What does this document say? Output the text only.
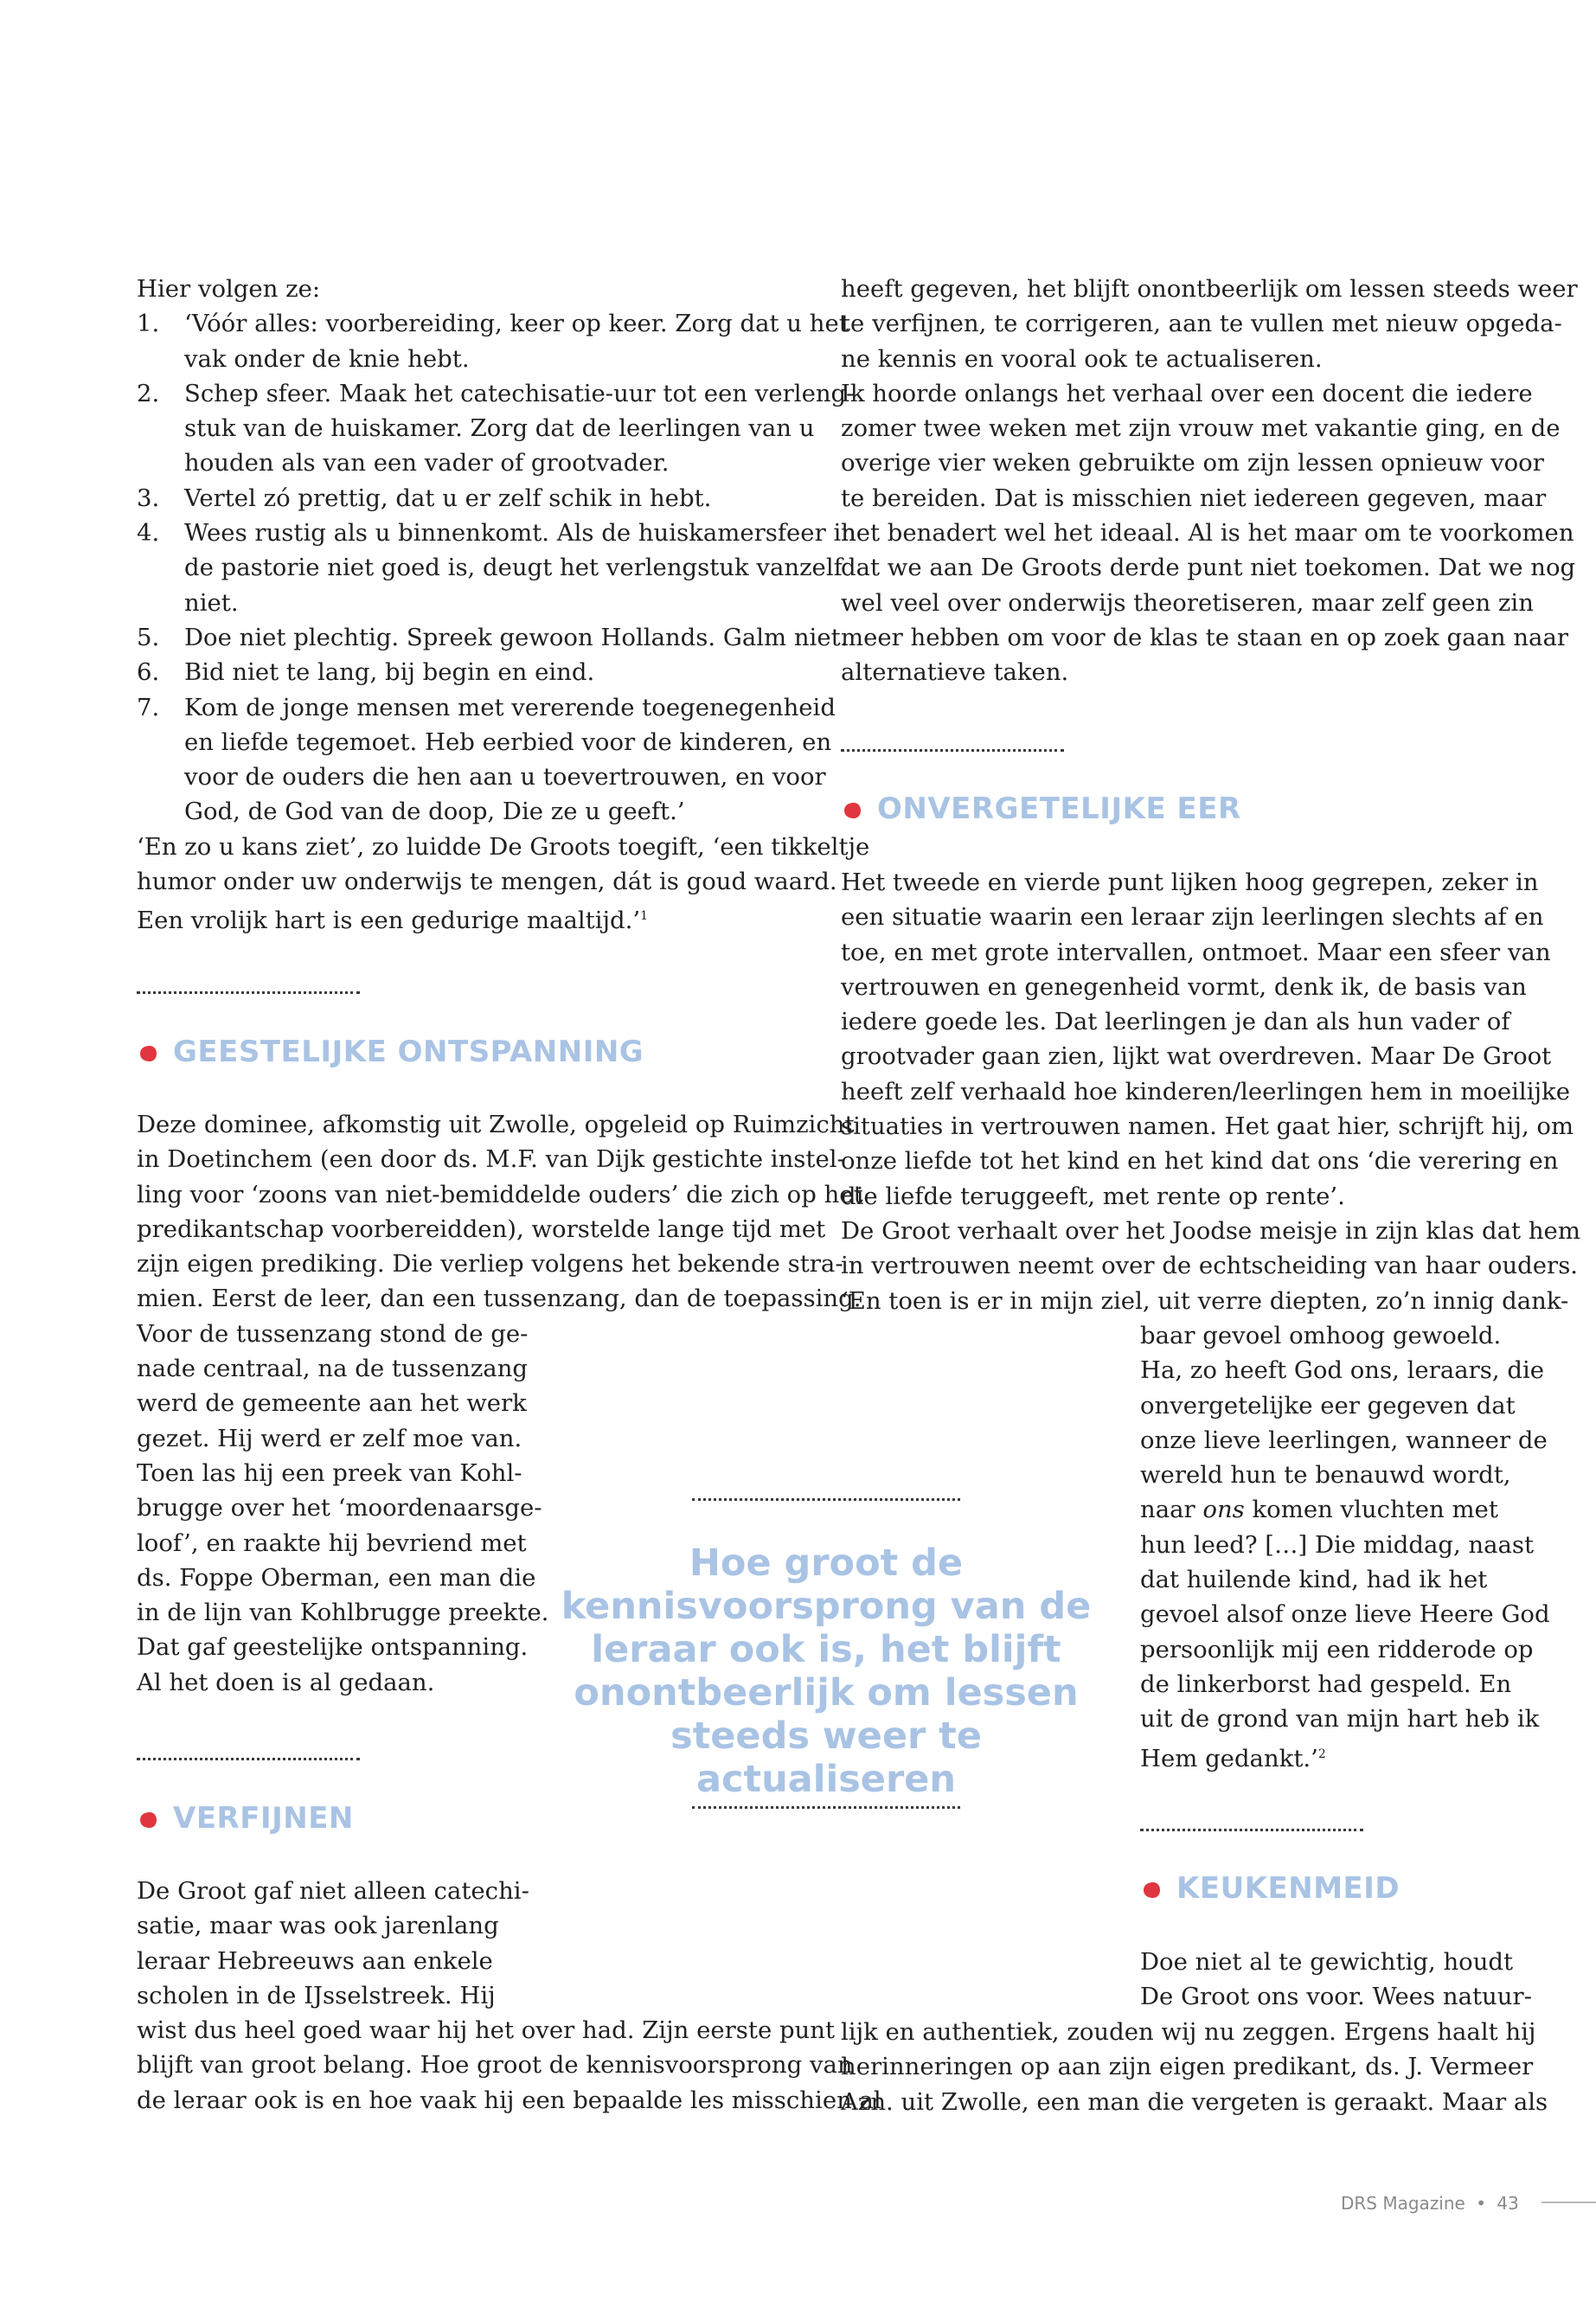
Hier volgen ze:

1. ‘Vóór alles: voorbereiding, keer op keer. Zorg dat u het
vak onder de knie hebt.
2. Schep sfeer. Maak het catechisatie-uur tot een verleng-
stuk van de huiskamer. Zorg dat de leerlingen van u
houden als van een vader of grootvader.
3. Vertel zó prettig, dat u er zelf schik in hebt.
4. Wees rustig als u binnenkomt. Als de huiskamersfeer in
de pastorie niet goed is, deugt het verlengstuk vanzelf
niet.
5. Doe niet plechtig. Spreek gewoon Hollands. Galm niet.
6. Bid niet te lang, bij begin en eind.
7. Kom de jonge mensen met vererende toegenegenheid
en liefde tegemoet. Heb eerbied voor de kinderen, en
voor de ouders die hen aan u toevertrouwen, en voor
God, de God van de doop, Die ze u geeft.’
‘En zo u kans ziet’, zo luidde De Groots toegift, ‘een tikkeltje
humor onder uw onderwijs te mengen, dát is goud waard.
Een vrolijk hart is een gedurige maaltijd.’$^1$
GEESTELIJKE ONTSPANNING
Deze dominee, afkomstig uit Zwolle, opgeleid op Ruimzicht
in Doetinchem (een door ds. M.F. van Dijk gestichte instel-
ling voor ‘zoons van niet-bemiddelde ouders’ die zich op het
predikantschap voorbereidden), worstelde lange tijd met
zijn eigen prediking. Die verliep volgens het bekende stra-
mien. Eerst de leer, dan een tussenzang, dan de toepassing.
Voor de tussenzang stond de ge-
nade centraal, na de tussenzang
werd de gemeente aan het werk
gezet. Hij werd er zelf moe van.
Toen las hij een preek van Kohl-
brugge over het ‘moordenaarsge-
loof’, en raakte hij bevriend met
ds. Foppe Oberman, een man die
in de lijn van Kohlbrugge preekte.
Dat gaf geestelijke ontspanning.
Al het doen is al gedaan.
VERFIJNEN
De Groot gaf niet alleen catechi-
satie, maar was ook jarenlang
leraar Hebreeuws aan enkele
scholen in de IJsselstreek. Hij
wist dus heel goed waar hij het over had. Zijn eerste punt
blijft van groot belang. Hoe groot de kennisvoorsprong van
de leraar ook is en hoe vaak hij een bepaalde les misschien al
heeft gegeven, het blijft onontbeerlijk om lessen steeds weer
te verfijnen, te corrigeren, aan te vullen met nieuw opgeda-
ne kennis en vooral ook te actualiseren.
Ik hoorde onlangs het verhaal over een docent die iedere
zomer twee weken met zijn vrouw met vakantie ging, en de
overige vier weken gebruikte om zijn lessen opnieuw voor
te bereiden. Dat is misschien niet iedereen gegeven, maar
het benadert wel het ideaal. Al is het maar om te voorkomen
dat we aan De Groots derde punt niet toekomen. Dat we nog
wel veel over onderwijs theoretiseren, maar zelf geen zin
meer hebben om voor de klas te staan en op zoek gaan naar
alternatieve taken.
ONVERGETELIJKE EER
Het tweede en vierde punt lijken hoog gegrepen, zeker in
een situatie waarin een leraar zijn leerlingen slechts af en
toe, en met grote intervallen, ontmoet. Maar een sfeer van
vertrouwen en genegenheid vormt, denk ik, de basis van
iedere goede les. Dat leerlingen je dan als hun vader of
grootvader gaan zien, lijkt wat overdreven. Maar De Groot
heeft zelf verhaald hoe kinderen/leerlingen hem in moeilijke
situaties in vertrouwen namen. Het gaat hier, schrijft hij, om
onze liefde tot het kind en het kind dat ons ‘die verering en
die liefde teruggeeft, met rente op rente’.
De Groot verhaalt over het Joodse meisje in zijn klas dat hem
in vertrouwen neemt over de echtscheiding van haar ouders.
‘En toen is er in mijn ziel, uit verre diepten, zo’n innig dank-
baar gevoel omhoog gewoeld.
Ha, zo heeft God ons, leraars, die
onvergetelijke eer gegeven dat
onze lieve leerlingen, wanneer de
wereld hun te benauwd wordt,
naar ons komen vluchten met
hun leed? […] Die middag, naast
dat huilende kind, had ik het
gevoel alsof onze lieve Heere God
persoonlijk mij een ridderode op
de linkerborst had gespeld. En
uit de grond van mijn hart heb ik
Hem gedankt.’$^2$
KEUKENMEID
Doe niet al te gewichtig, houdt
De Groot ons voor. Wees natuur-
lijk en authentiek, zouden wij nu zeggen. Ergens haalt hij
herinneringen op aan zijn eigen predikant, ds. J. Vermeer
Azn. uit Zwolle, een man die vergeten is geraakt. Maar als
Hoe groot de kennisvoorsprong van de leraar ook is, het blijft onontbeerlijk om lessen steeds weer te actualiseren
DRS Magazine • 43
